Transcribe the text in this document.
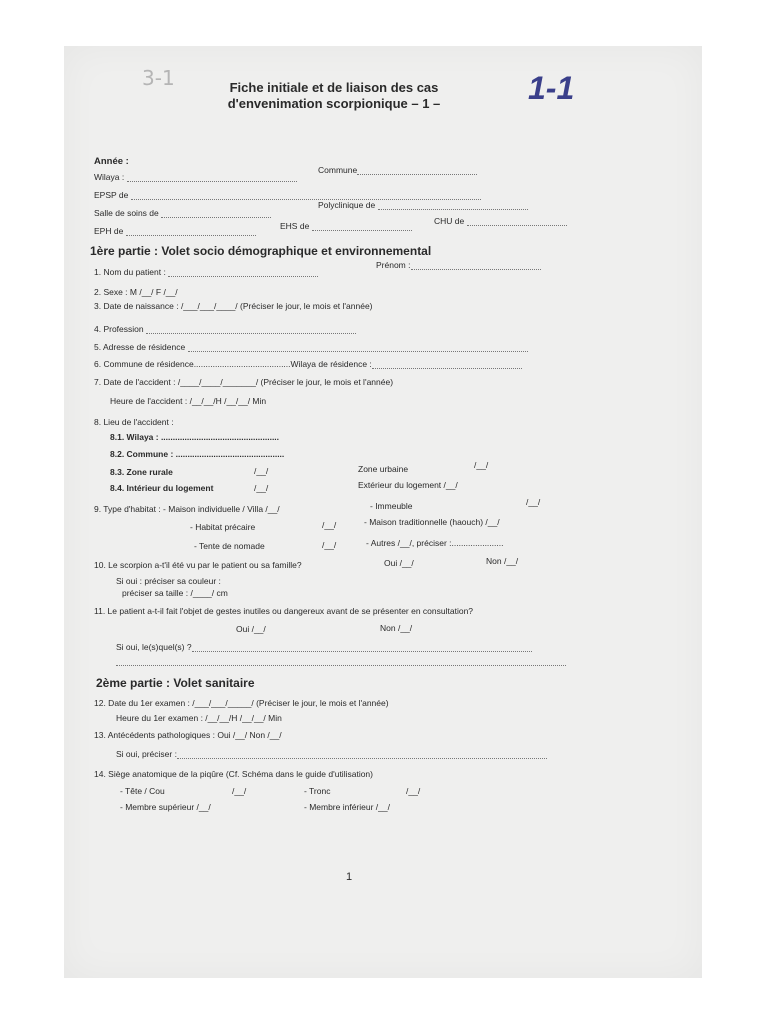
3-1	Fiche initiale et de liaison des cas
d'envenimation scorpionique – 1 –	1-1
Année :
Wilaya :
Commune
EPSP de
Polyclinique de
Salle de soins de
EPH de	EHS de	CHU de
1ère partie : Volet socio démographique et environnemental
1. Nom du patient :
Prénom :
2. Sexe : M /__/ F /__/
3. Date de naissance : /___/___/____/ (Préciser le jour, le mois et l'année)
4. Profession
5. Adresse de résidence
6. Commune de résidence.........................................Wilaya de résidence :
7. Date de l'accident : /____/____/_______/ (Préciser le jour, le mois et l'année)
Heure de l'accident : /__/__/H /__/__/ Min
8. Lieu de l'accident :
8.1. Wilaya : ..................................................
8.2. Commune : ..............................................
8.3. Zone rurale	/__/	Zone urbaine	/__/
8.4. Intérieur du logement	/__/	Extérieur du logement /__/
9. Type d'habitat : - Maison individuelle / Villa /__/	- Immeuble	/__/
- Habitat précaire	/__/	- Maison traditionnelle (haouch) /__/
- Tente de nomade	/__/	- Autres /__/, préciser :......................
10. Le scorpion a-t'il été vu par le patient ou sa famille?	Oui /__/	Non /__/
Si oui : préciser sa couleur :
préciser sa taille : /____/ cm
11. Le patient a-t-il fait l'objet de gestes inutiles ou dangereux avant de se présenter en consultation?
Oui /__/	Non /__/
Si oui, le(s)quel(s) ?
2ème partie : Volet sanitaire
12. Date du 1er examen : /___/___/_____/ (Préciser le jour, le mois et l'année)
Heure du 1er examen : /__/__/H /__/__/ Min
13. Antécédents pathologiques : Oui /__/ Non /__/
Si oui, préciser :
14. Siège anatomique de la piqûre (Cf. Schéma dans le guide d'utilisation)
- Tête / Cou	/__/	- Tronc	/__/
- Membre supérieur /__/	- Membre inférieur /__/
1
